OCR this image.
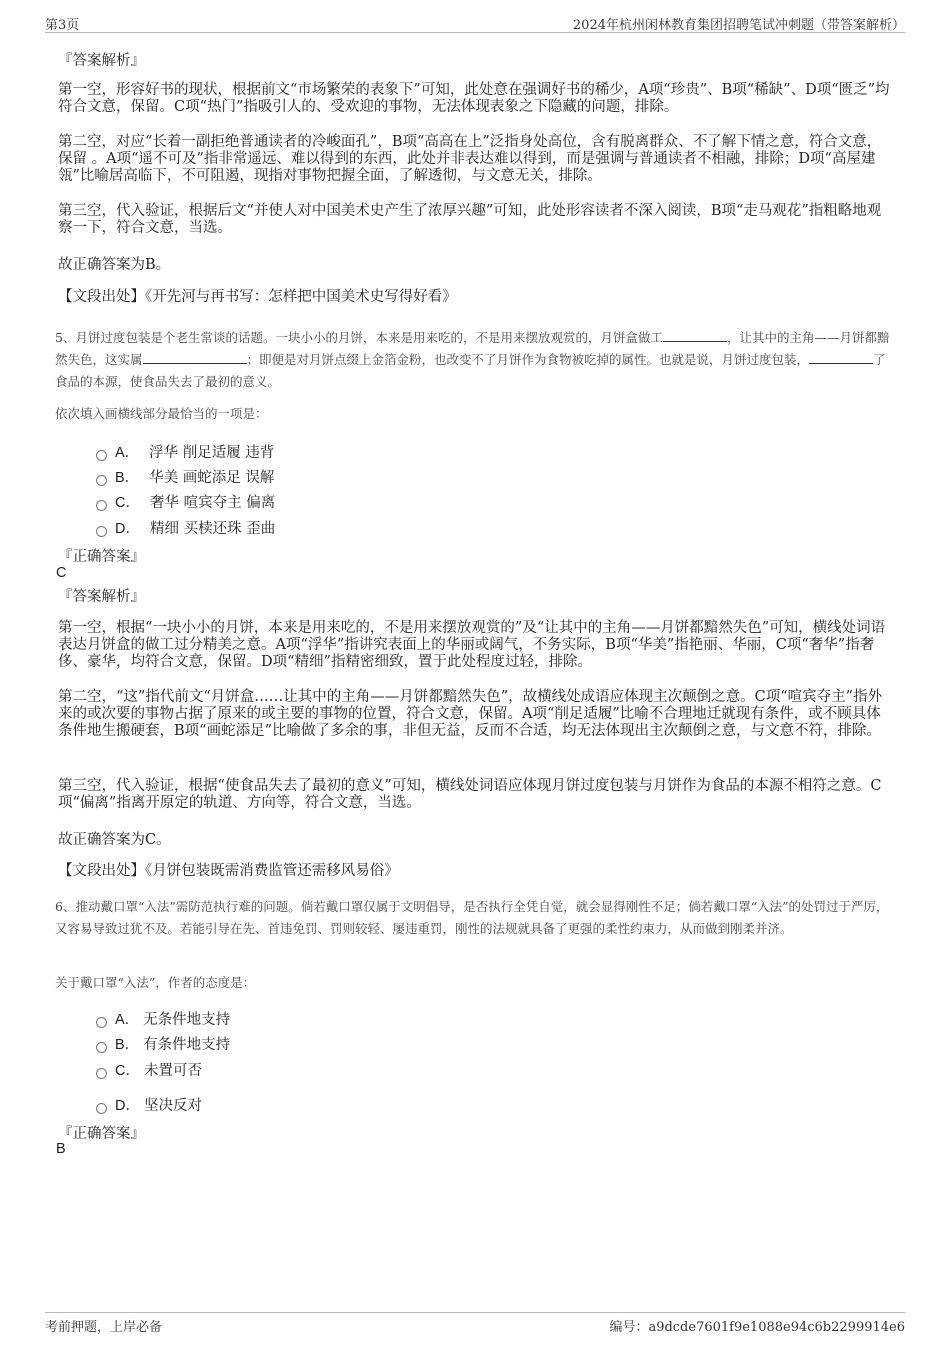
第3页	2024年杭州闲林教育集团招聘笔试冲刺题（带答案解析）
『答案解析』

第一空，形容好书的现状，根据前文“市场繁荣的表象下”可知，此处意在强调好书的稀少，A项“珍贵”、B项“稀缺”、D项“匮乏”均符合文意，保留。C项“热门”指吸引人的、受欢迎的事物，无法体现表象之下隐藏的问题，排除。

第二空，对应“长着一副拒绝普通读者的冷峻面孔”，B项“高高在上”泛指身处高位，含有脱离群众、不了解下情之意，符合文意， 保留 。A项“遥不可及”指非常遥远、难以得到的东西，此处并非表达难以得到，而是强调与普通读者不相融，排除；D项“高屋建瓴”比喻居高临下，不可阻遏，现指对事物把握全面，了解透彻，与文意无关，排除。

第三空，代入验证，根据后文“并使人对中国美术史产生了浓厚兴趣”可知，此处形容读者不深入阅读，B项“走马观花”指粗略地观察一下，符合文意，当选。

故正确答案为B。
【文段出处】《开先河与再书写：怎样把中国美术史写得好看》

5、月饼过度包装是个老生常谈的话题。一块小小的月饼，本来是用来吃的，不是用来摆放观赏的，月饼盒做工	，让其中的主角——月饼都黯然失色，这实属	；即便是对月饼点缀上金箔金粉，也改变不了月饼作为食物被吃掉的属性。也就是说，月饼过度包装，	了食品的本源，使食品失去了最初的意义。

依次填入画横线部分最恰当的一项是：
A． 浮华 削足适履 违背
B． 华美 画蛇添足 误解
C． 奢华 喧宾夺主 偏离
D． 精细 买椟还珠 歪曲
『正确答案』
C
『答案解析』

第一空，根据“一块小小的月饼，本来是用来吃的，不是用来摆放观赏的”及“让其中的主角——月饼都黯然失色”可知，横线处词语表达月饼盒的做工过分精美之意。A项“浮华”指讲究表面上的华丽或阔气，不务实际，B项“华美”指艳丽、华丽，C项“奢华”指奢侈、豪华，均符合文意，保留。D项“精细”指精密细致，置于此处程度过轻，排除。

第二空，“这”指代前文“月饼盒……让其中的主角——月饼都黯然失色”，故横线处成语应体现主次颠倒之意。C项“喧宾夺主”指外来的或次要的事物占据了原来的或主要的事物的位置，符合文意，保留。A项“削足适履”比喻不合理地迁就现有条件，或不顾具体条件地生搬硬套，B项“画蛇添足”比喻做了多余的事，非但无益，反而不合适，均无法体现出主次颠倒之意，与文意不符，排除。

第三空，代入验证，根据“使食品失去了最初的意义”可知，横线处词语应体现月饼过度包装与月饼作为食品的本源不相符之意。C项“偏离”指离开原定的轨道、方向等，符合文意，当选。

故正确答案为C。
【文段出处】《月饼包装既需消费监管还需移风易俗》

6、推动戴口罩“入法”需防范执行难的问题。倘若戴口罩仅属于文明倡导，是否执行全凭自觉，就会显得刚性不足；倘若戴口罩“入法”的处罚过于严厉，又容易导致过犹不及。若能引导在先、首违免罚、罚则较轻、屡违重罚，刚性的法规就具备了更强的柔性约束力，从而做到刚柔并济。

关于戴口罩“入法”，作者的态度是：
A． 无条件地支持
B． 有条件地支持
C． 未置可否
D． 坚决反对
『正确答案』
B
考前押题，上岸必备	编号：a9dcde7601f9e1088e94c6b2299914e6
